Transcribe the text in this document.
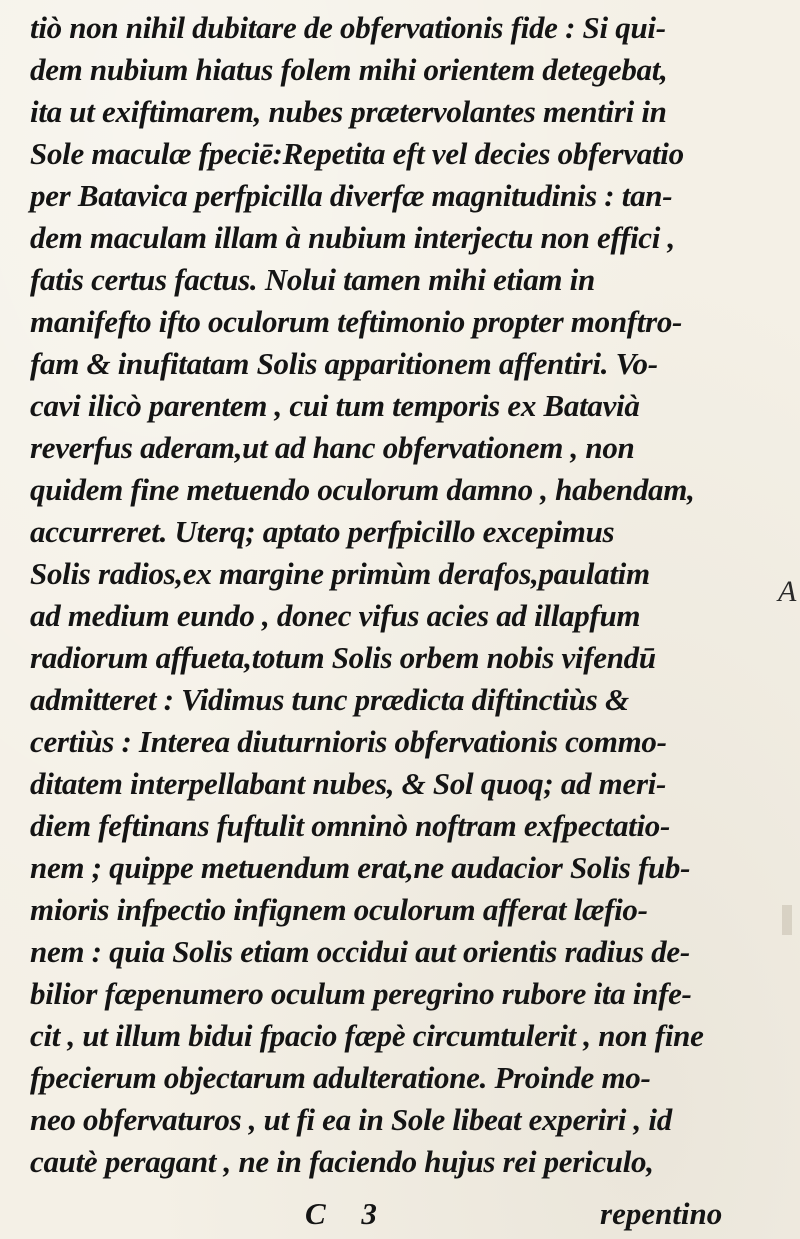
tiò non nihil dubitare de obfervationis fide : Si qui-
dem nubium hiatus folem mihi orientem detegebat,
ita ut exiftimarem, nubes prætervolantes mentiri in
Sole maculæ fpeciē:Repetita eft vel decies obfervatio
per Batavica perfpicilla diverfæ magnitudinis : tan-
dem maculam illam à nubium interjectu non effici ,
fatis certus factus. Nolui tamen mihi etiam in
manifefto ifto oculorum teftimonio propter monftro-
fam & inufitatam Solis apparitionem affentiri. Vo-
cavi ilicò parentem , cui tum temporis ex Batavià
reverfus aderam,ut ad hanc obfervationem , non
quidem fine metuendo oculorum damno , habendam,
accurreret. Uterq; aptato perfpicillo excepimus
Solis radios,ex margine primùm derafos,paulatim
ad medium eundo , donec vifus acies ad illapfum
radiorum affueta,totum Solis orbem nobis vifendū
admitteret : Vidimus tunc prædicta diftinctiùs &
certiùs : Interea diuturnioris obfervationis commo-
ditatem interpellabant nubes, & Sol quoq; ad meri-
diem feftinans fuftulit omninò noftram exfpectatio-
nem ; quippe metuendum erat,ne audacior Solis fub-
mioris infpectio infignem oculorum afferat læfio-
nem : quia Solis etiam occidui aut orientis radius de-
bilior fæpenumero oculum peregrino rubore ita infe-
cit , ut illum bidui fpacio fæpè circumtulerit , non fine
fpecierum objectarum adulteratione. Proinde mo-
neo obfervaturos , ut fi ea in Sole libeat experiri , id
cautè peragant , ne in faciendo hujus rei periculo,
A
C 3	repentino
